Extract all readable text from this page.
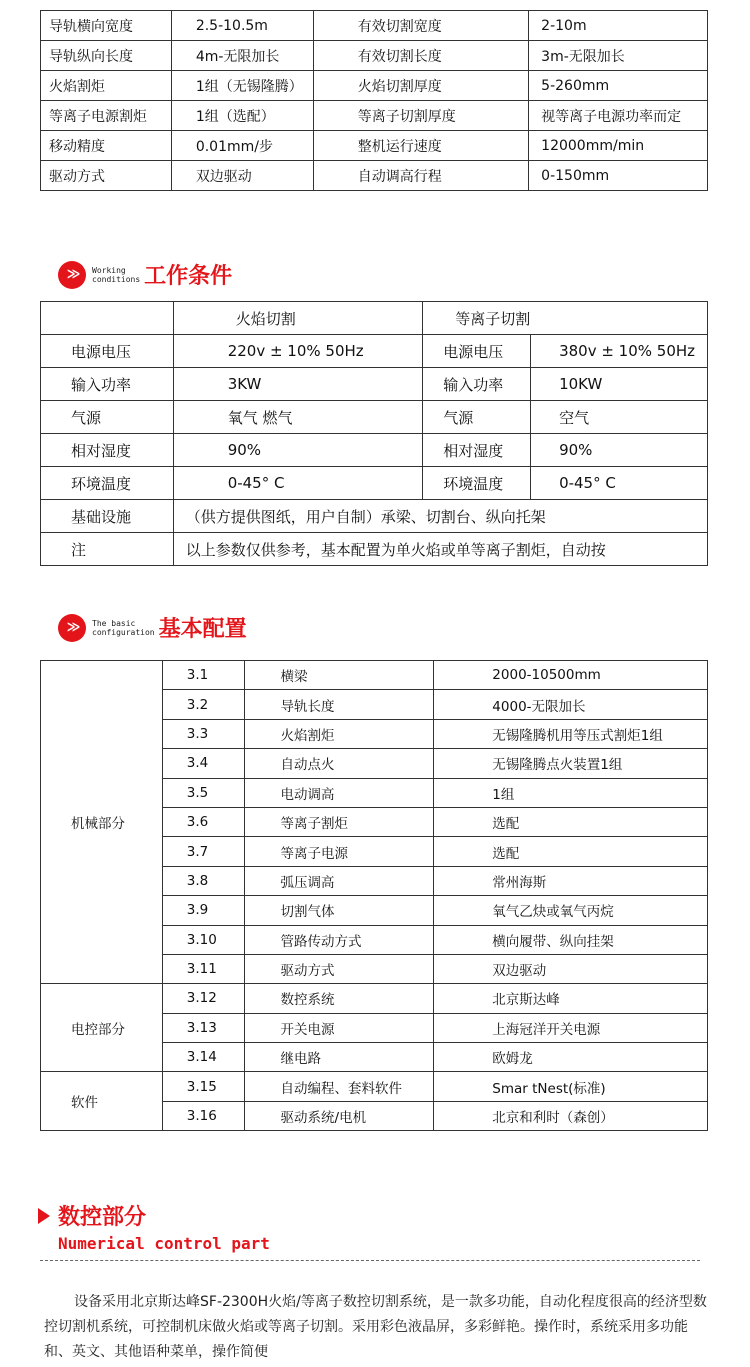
导轨横向宽度	2.5-10.5m	有效切割宽度	2-10m
导轨纵向长度	4m-无限加长	有效切割长度	3m-无限加长
火焰割炬	1组（无锡隆腾）	火焰切割厚度	5-260mm
等离子电源割炬	1组（选配）	等离子切割厚度	视等离子电源功率而定
移动精度	0.01mm/步	整机运行速度	12000mm/min
驱动方式	双边驱动	自动调高行程	0-150mm
≫	Working
conditions 工作条件
	火焰切割	等离子切割	
电源电压	220v ± 10% 50Hz	电源电压	380v ± 10% 50Hz
输入功率	3KW	输入功率	10KW
气源	氧气 燃气	气源	空气
相对湿度	90%	相对湿度	90%
环境温度	0-45° C	环境温度	0-45° C
基础设施	（供方提供图纸，用户自制）承梁、切割台、纵向托架		
注	以上参数仅供参考，基本配置为单火焰或单等离子割炬，自动按		
≫	The basic
configuration 基本配置
机械部分	3.1	横梁	2000-10500mm
	3.2	导轨长度	4000-无限加长
	3.3	火焰割炬	无锡隆腾机用等压式割炬1组
	3.4	自动点火	无锡隆腾点火装置1组
	3.5	电动调高	1组
	3.6	等离子割炬	选配
	3.7	等离子电源	选配
	3.8	弧压调高	常州海斯
	3.9	切割气体	氧气乙炔或氧气丙烷
	3.10	管路传动方式	横向履带、纵向挂架
	3.11	驱动方式	双边驱动
电控部分	3.12	数控系统	北京斯达峰
	3.13	开关电源	上海冠洋开关电源
	3.14	继电路	欧姆龙
软件	3.15	自动编程、套料软件	Smar tNest(标准)
	3.16	驱动系统/电机	北京和利时（森创）
数控部分
Numerical control part
设备采用北京斯达峰SF-2300H火焰/等离子数控切割系统，是一款多功能，自动化程度很高的经济型数控切割机系统，可控制机床做火焰或等离子切割。采用彩色液晶屏，多彩鲜艳。操作时，系统采用多功能和、英文、其他语种菜单，操作简便
